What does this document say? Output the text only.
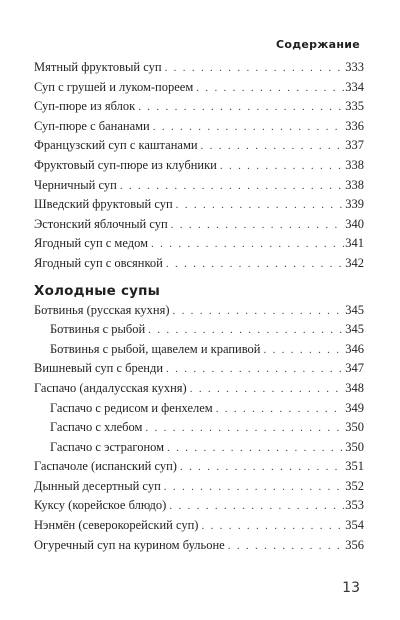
Содержание
Мятный фруктовый суп . . .	333
Суп с грушей и луком-пореем . . .	334
Суп-пюре из яблок . . .	335
Суп-пюре с бананами . . .	336
Французский суп с каштанами . . .	337
Фруктовый суп-пюре из клубники . . .	338
Черничный суп . . .	338
Шведский фруктовый суп . . .	339
Эстонский яблочный суп . . .	340
Ягодный суп с медом . . .	341
Ягодный суп с овсянкой . . .	342
Холодные супы
Ботвинья (русская кухня) . . .	345
Ботвинья с рыбой . . .	345
Ботвинья с рыбой, щавелем и крапивой . . .	346
Вишневый суп с бренди . . .	347
Гаспачо (андалусская кухня) . . .	348
Гаспачо с редисом и фенхелем . . .	349
Гаспачо с хлебом . . .	350
Гаспачо с эстрагоном . . .	350
Гаспачоле (испанский суп) . . .	351
Дынный десертный суп . . .	352
Куксу (корейское блюдо) . . .	353
Нэнмён (северокорейский суп) . . .	354
Огуречный суп на курином бульоне . . .	356
13
